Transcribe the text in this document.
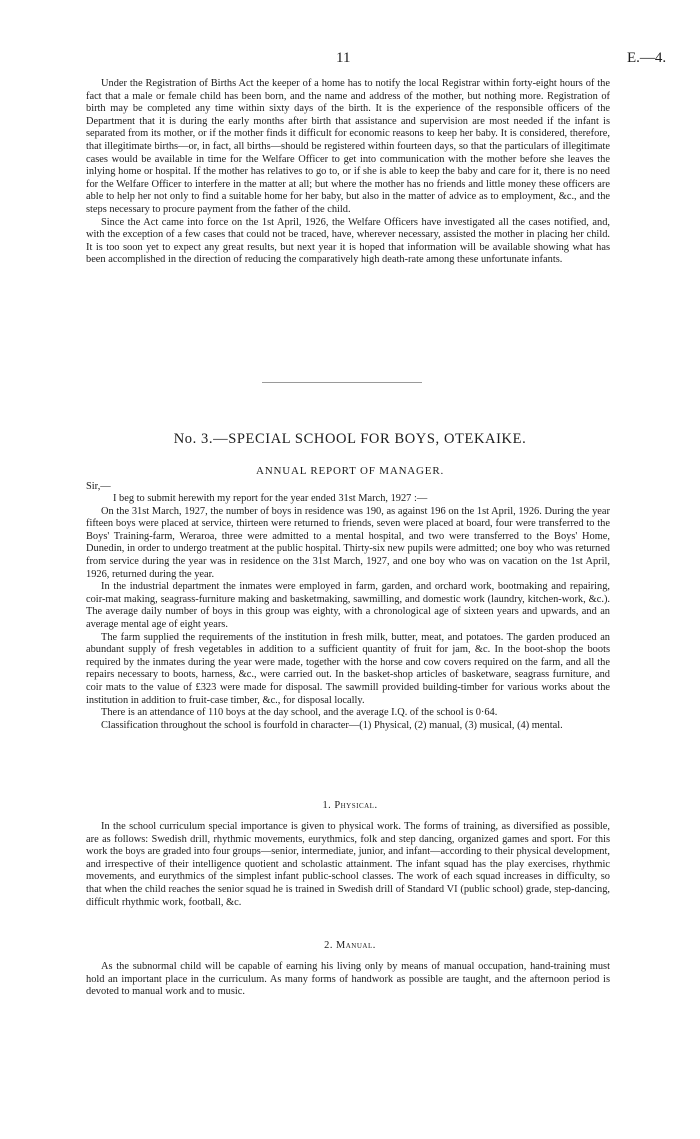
11	E.—4.

Under the Registration of Births Act the keeper of a home has to notify the local Registrar within forty-eight hours of the fact that a male or female child has been born, and the name and address of the mother, but nothing more. Registration of birth may be completed any time within sixty days of the birth. It is the experience of the responsible officers of the Department that it is during the early months after birth that assistance and supervision are most needed if the infant is separated from its mother, or if the mother finds it difficult for economic reasons to keep her baby. It is considered, therefore, that illegitimate births—or, in fact, all births—should be registered within fourteen days, so that the particulars of illegitimate cases would be available in time for the Welfare Officer to get into communication with the mother before she leaves the inlying home or hospital. If the mother has relatives to go to, or if she is able to keep the baby and care for it, there is no need for the Welfare Officer to interfere in the matter at all; but where the mother has no friends and little money these officers are able to help her not only to find a suitable home for her baby, but also in the matter of advice as to employment, &c., and the steps necessary to procure payment from the father of the child.

Since the Act came into force on the 1st April, 1926, the Welfare Officers have investigated all the cases notified, and, with the exception of a few cases that could not be traced, have, wherever necessary, assisted the mother in placing her child. It is too soon yet to expect any great results, but next year it is hoped that information will be available showing what has been accomplished in the direction of reducing the comparatively high death-rate among these unfortunate infants.

No. 3.—SPECIAL SCHOOL FOR BOYS, OTEKAIKE.
ANNUAL REPORT OF MANAGER.
Sir,—

I beg to submit herewith my report for the year ended 31st March, 1927 :—

On the 31st March, 1927, the number of boys in residence was 190, as against 196 on the 1st April, 1926. During the year fifteen boys were placed at service, thirteen were returned to friends, seven were placed at board, four were transferred to the Boys' Training-farm, Weraroa, three were admitted to a mental hospital, and two were transferred to the Boys' Home, Dunedin, in order to undergo treatment at the public hospital. Thirty-six new pupils were admitted; one boy who was returned from service during the year was in residence on the 31st March, 1927, and one boy who was on vacation on the 1st April, 1926, returned during the year.

In the industrial department the inmates were employed in farm, garden, and orchard work, bootmaking and repairing, coir-mat making, seagrass-furniture making and basketmaking, sawmilling, and domestic work (laundry, kitchen-work, &c.). The average daily number of boys in this group was eighty, with a chronological age of sixteen years and upwards, and an average mental age of eight years.

The farm supplied the requirements of the institution in fresh milk, butter, meat, and potatoes. The garden produced an abundant supply of fresh vegetables in addition to a sufficient quantity of fruit for jam, &c. In the boot-shop the boots required by the inmates during the year were made, together with the horse and cow covers required on the farm, and all the repairs necessary to boots, harness, &c., were carried out. In the basket-shop articles of basketware, seagrass furniture, and coir mats to the value of £323 were made for disposal. The sawmill provided building-timber for various works about the institution in addition to fruit-case timber, &c., for disposal locally.

There is an attendance of 110 boys at the day school, and the average I.Q. of the school is 0·64.

Classification throughout the school is fourfold in character—(1) Physical, (2) manual, (3) musical, (4) mental.

1. Physical.

In the school curriculum special importance is given to physical work. The forms of training, as diversified as possible, are as follows: Swedish drill, rhythmic movements, eurythmics, folk and step dancing, organized games and sport. For this work the boys are graded into four groups—senior, intermediate, junior, and infant—according to their physical development, and irrespective of their intelligence quotient and scholastic attainment. The infant squad has the play exercises, rhythmic movements, and eurythmics of the simplest infant public-school classes. The work of each squad increases in difficulty, so that when the child reaches the senior squad he is trained in Swedish drill of Standard VI (public school) grade, step-dancing, difficult rhythmic work, football, &c.

2. Manual.

As the subnormal child will be capable of earning his living only by means of manual occupation, hand-training must hold an important place in the curriculum. As many forms of handwork as possible are taught, and the afternoon period is devoted to manual work and to music.
